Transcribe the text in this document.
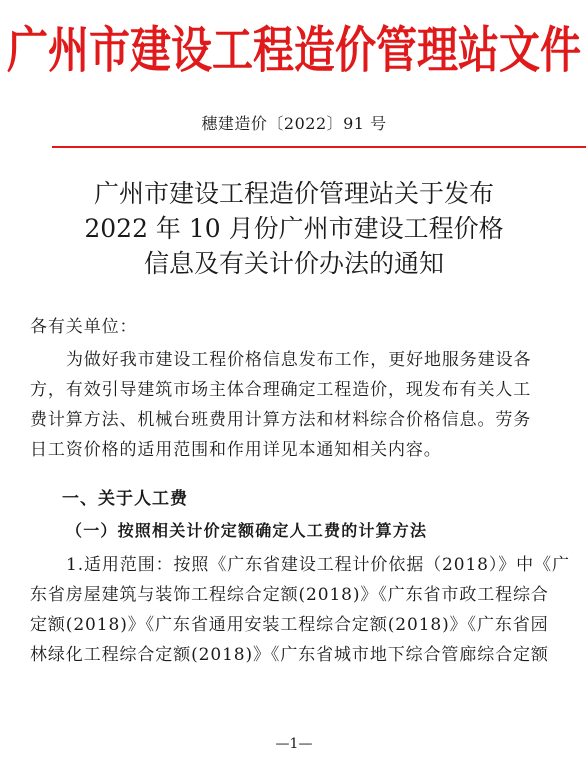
广州市建设工程造价管理站文件
穗建造价〔2022〕91 号
广州市建设工程造价管理站关于发布
2022 年 10 月份广州市建设工程价格
信息及有关计价办法的通知
各有关单位：
为做好我市建设工程价格信息发布工作，更好地服务建设各
方，有效引导建筑市场主体合理确定工程造价，现发布有关人工
费计算方法、机械台班费用计算方法和材料综合价格信息。劳务
日工资价格的适用范围和作用详见本通知相关内容。
一、关于人工费
（一）按照相关计价定额确定人工费的计算方法
1.适用范围：按照《广东省建设工程计价依据（2018）》中《广
东省房屋建筑与装饰工程综合定额(2018)》《广东省市政工程综合
定额(2018)》《广东省通用安装工程综合定额(2018)》《广东省园
林绿化工程综合定额(2018)》《广东省城市地下综合管廊综合定额
—1—
